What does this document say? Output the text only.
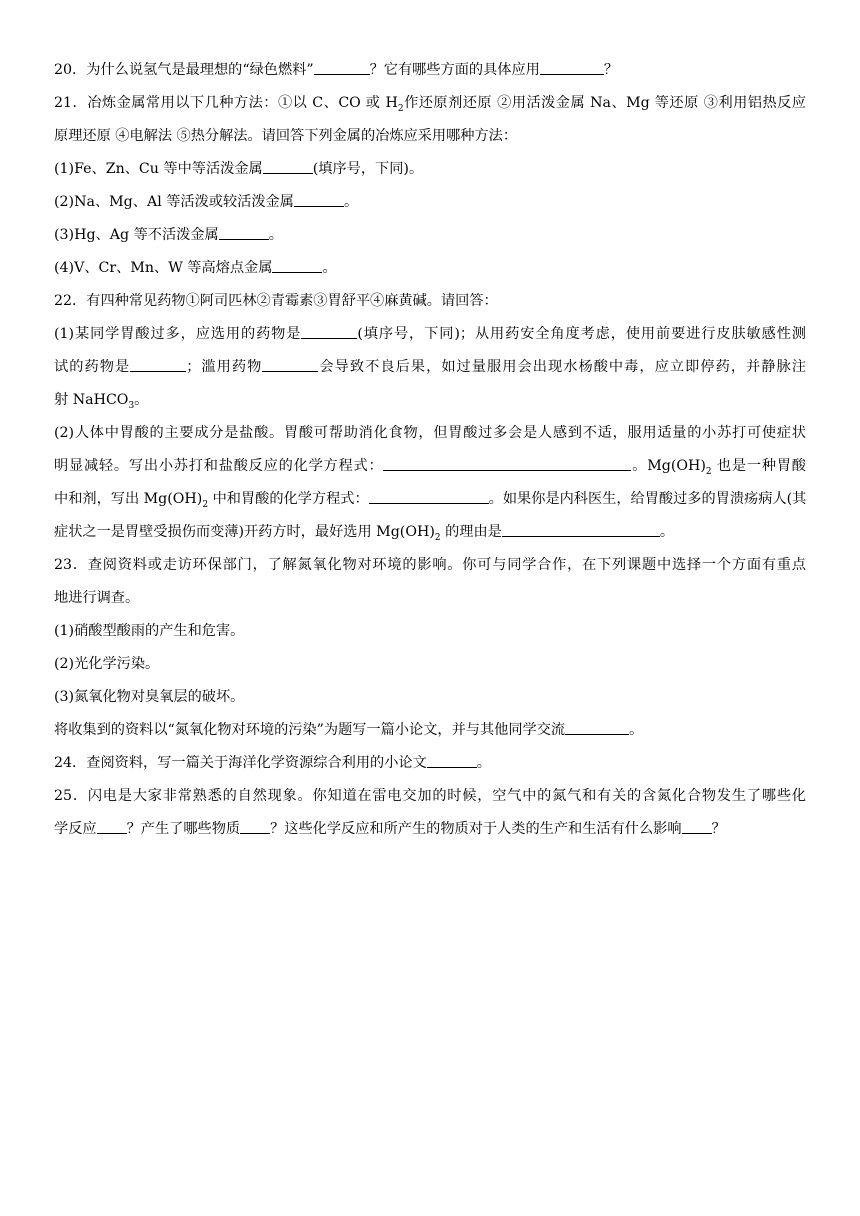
20．为什么说氢气是最理想的“绿色燃料”	？它有哪些方面的具体应用	？
21．冶炼金属常用以下几种方法：①以 C、CO 或 $H_2$作还原剂还原 ②用活泼金属 Na、Mg 等还原 ③利用铝热反应
原理还原 ④电解法 ⑤热分解法。请回答下列金属的冶炼应采用哪种方法：
(1)Fe、Zn、Cu 等中等活泼金属	(填序号，下同)。
(2)Na、Mg、Al 等活泼或较活泼金属	。
(3)Hg、Ag 等不活泼金属	。
(4)V、Cr、Mn、W 等高熔点金属	。
22．有四种常见药物①阿司匹林②青霉素③胃舒平④麻黄碱。请回答：
(1)某同学胃酸过多，应选用的药物是	(填序号，下同)；从用药安全角度考虑，使用前要进行皮肤敏感性测
试的药物是	；滥用药物	会导致不良后果，如过量服用会出现水杨酸中毒，应立即停药，并静脉注
射 NaHCO$_3$。
(2)人体中胃酸的主要成分是盐酸。胃酸可帮助消化食物，但胃酸过多会是人感到不适，服用适量的小苏打可使症状
明显减轻。写出小苏打和盐酸反应的化学方程式：	。$Mg(OH)_2$ 也是一种胃酸
中和剂，写出 $Mg(OH)_2$ 中和胃酸的化学方程式：	。如果你是内科医生，给胃酸过多的胃溃疡病人(其
症状之一是胃壁受损伤而变薄)开药方时，最好选用 $Mg(OH)_2$ 的理由是	。
23．查阅资料或走访环保部门，了解氮氧化物对环境的影响。你可与同学合作，在下列课题中选择一个方面有重点
地进行调查。
(1)硝酸型酸雨的产生和危害。
(2)光化学污染。
(3)氮氧化物对臭氧层的破坏。
将收集到的资料以“氮氧化物对环境的污染”为题写一篇小论文，并与其他同学交流	。
24．查阅资料，写一篇关于海洋化学资源综合利用的小论文	。
25．闪电是大家非常熟悉的自然现象。你知道在雷电交加的时候，空气中的氮气和有关的含氮化合物发生了哪些化
学反应 ？产生了哪些物质 ？这些化学反应和所产生的物质对于人类的生产和生活有什么影响 ？
